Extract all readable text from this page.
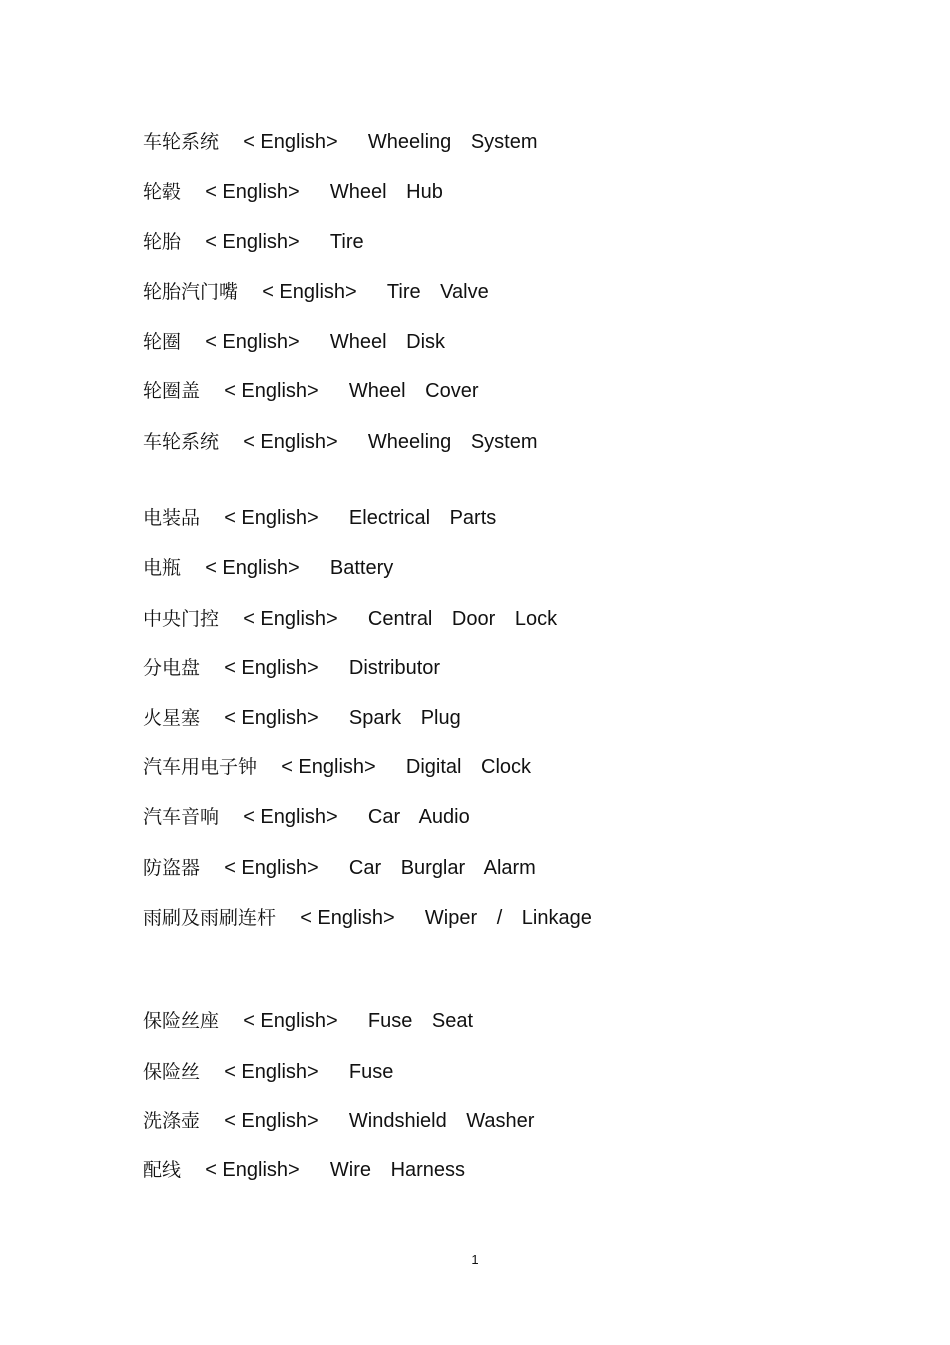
车轮系统 < English> Wheeling System
轮毂 < English> Wheel Hub
轮胎 < English> Tire
轮胎汽门嘴 < English> Tire Valve
轮圈 < English> Wheel Disk
轮圈盖 < English> Wheel Cover
车轮系统 < English> Wheeling System
电装品 < English> Electrical Parts
电瓶 < English> Battery
中央门控 < English> Central Door Lock
分电盘 < English> Distributor
火星塞 < English> Spark Plug
汽车用电子钟 < English> Digital Clock
汽车音响 < English> Car Audio
防盗器 < English> Car Burglar Alarm
雨刷及雨刷连杆 < English> Wiper / Linkage
保险丝座 < English> Fuse Seat
保险丝 < English> Fuse
洗涤壶 < English> Windshield Washer
配线 < English> Wire Harness
1
